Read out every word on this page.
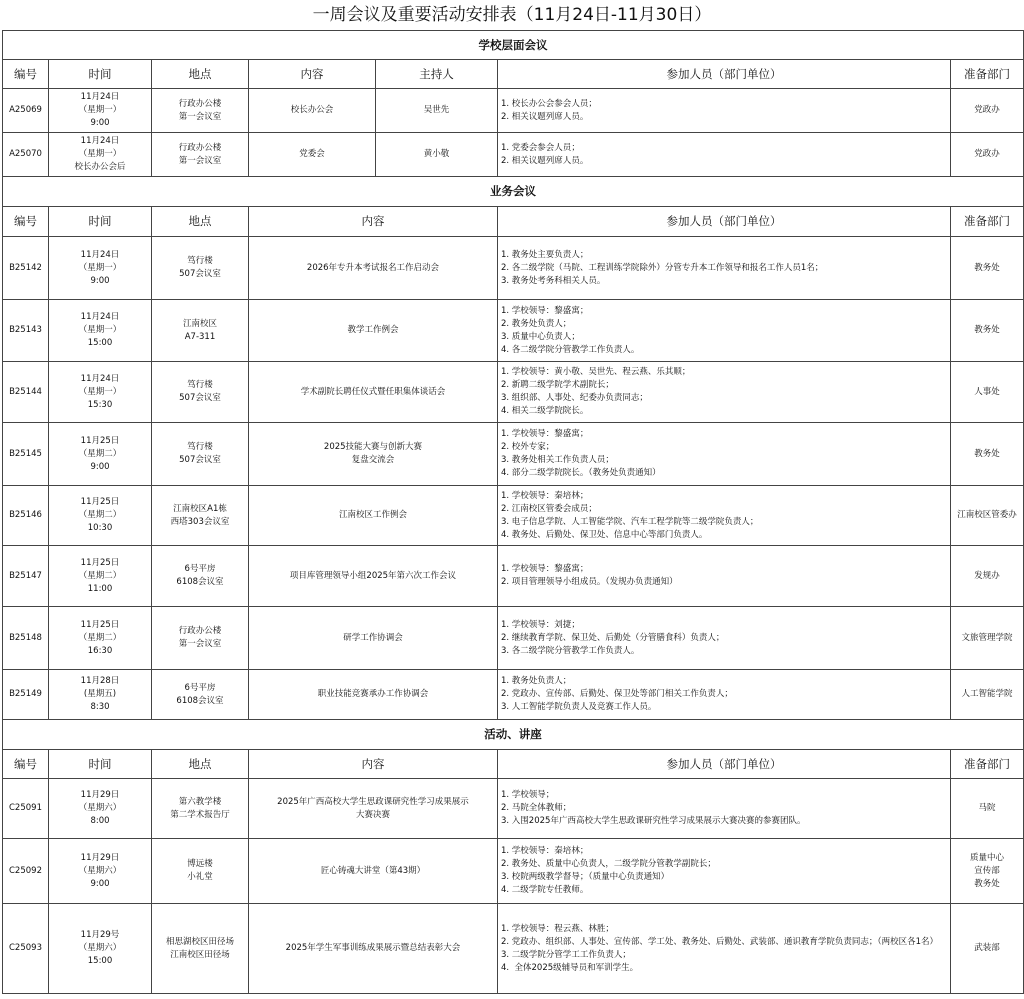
一周会议及重要活动安排表（11月24日-11月30日）
学校层面会议						
编号	时间	地点	内容	主持人	参加人员（部门单位）	准备部门
A25069	11月24日
（星期一）
9:00	行政办公楼
第一会议室	校长办公会	吴世先	1. 校长办公会参会人员；
2. 相关议题列席人员。	党政办

A25070	11月24日
（星期一）
校长办公会后	行政办公楼
第一会议室	党委会	黄小敬	1. 党委会参会人员；
2. 相关议题列席人员。	党政办

业务会议						
编号	时间	地点	内容		参加人员（部门单位）	准备部门
B25142	11月24日
（星期一）
9:00	笃行楼
507会议室	2026年专升本考试报名工作启动会		1. 教务处主要负责人；
2. 各二级学院（马院、工程训练学院除外）分管专升本工作领导和报名工作人员1名；
3. 教务处考务科相关人员。	教务处

B25143	11月24日
（星期一）
15:00	江南校区
A7-311	教学工作例会		1. 学校领导：黎盛寓；
2. 教务处负责人；
3. 质量中心负责人；
4. 各二级学院分管教学工作负责人。	教务处

B25144	11月24日
（星期一）
15:30	笃行楼
507会议室	学术副院长聘任仪式暨任职集体谈话会		1. 学校领导：黄小敬、吴世先、程云燕、乐其顺；
2. 新聘二级学院学术副院长；
3. 组织部、人事处、纪委办负责同志；
4. 相关二级学院院长。	人事处

B25145	11月25日
（星期二）
9:00	笃行楼
507会议室	2025技能大赛与创新大赛
复盘交流会		1. 学校领导：黎盛寓；
2. 校外专家；
3. 教务处相关工作负责人员；
4. 部分二级学院院长。（教务处负责通知）	教务处

B25146	11月25日
（星期二）
10:30	江南校区A1栋
西塔303会议室	江南校区工作例会		1. 学校领导：秦培林；
2. 江南校区管委会成员；
3. 电子信息学院、人工智能学院、汽车工程学院等二级学院负责人；
4. 教务处、后勤处、保卫处、信息中心等部门负责人。	江南校区管委办

B25147	11月25日
（星期二）
11:00	6号平房
6108会议室	项目库管理领导小组2025年第六次工作会议		1. 学校领导：黎盛寓；
2. 项目管理领导小组成员。（发规办负责通知）	发规办

B25148	11月25日
（星期二）
16:30	行政办公楼
第一会议室	研学工作协调会		1. 学校领导：刘捷；
2. 继续教育学院、保卫处、后勤处（分管膳食科）负责人；
3. 各二级学院分管教学工作负责人。	文旅管理学院

B25149	11月28日
(星期五)
8:30	6号平房
6108会议室	职业技能竞赛承办工作协调会		1. 教务处负责人；
2. 党政办、宣传部、后勤处、保卫处等部门相关工作负责人；
3. 人工智能学院负责人及竞赛工作人员。	人工智能学院

活动、讲座						
编号	时间	地点	内容		参加人员（部门单位）	准备部门
C25091	11月29日
（星期六）
8:00	第六教学楼
第二学术报告厅	2025年广西高校大学生思政课研究性学习成果展示
大赛决赛		1. 学校领导；
2. 马院全体教师；
3. 入围2025年广西高校大学生思政课研究性学习成果展示大赛决赛的参赛团队。	马院

C25092	11月29日
（星期六）
9:00	博远楼
小礼堂	匠心铸魂大讲堂（第43期）		1. 学校领导：秦培林；
2. 教务处、质量中心负责人，二级学院分管教学副院长；
3. 校院两级教学督导；（质量中心负责通知）
4. 二级学院专任教师。	质量中心
宣传部
教务处

C25093	11月29号
（星期六）
15:00	相思湖校区田径场
江南校区田径场	2025年学生军事训练成果展示暨总结表彰大会		1. 学校领导：程云燕、林胜；
2. 党政办、组织部、人事处、宣传部、学工处、教务处、后勤处、武装部、通识教育学院负责同志；（两校区各1名）
3. 二级学院分管学工工作负责人；
4.  全体2025级辅导员和军训学生。	武装部
